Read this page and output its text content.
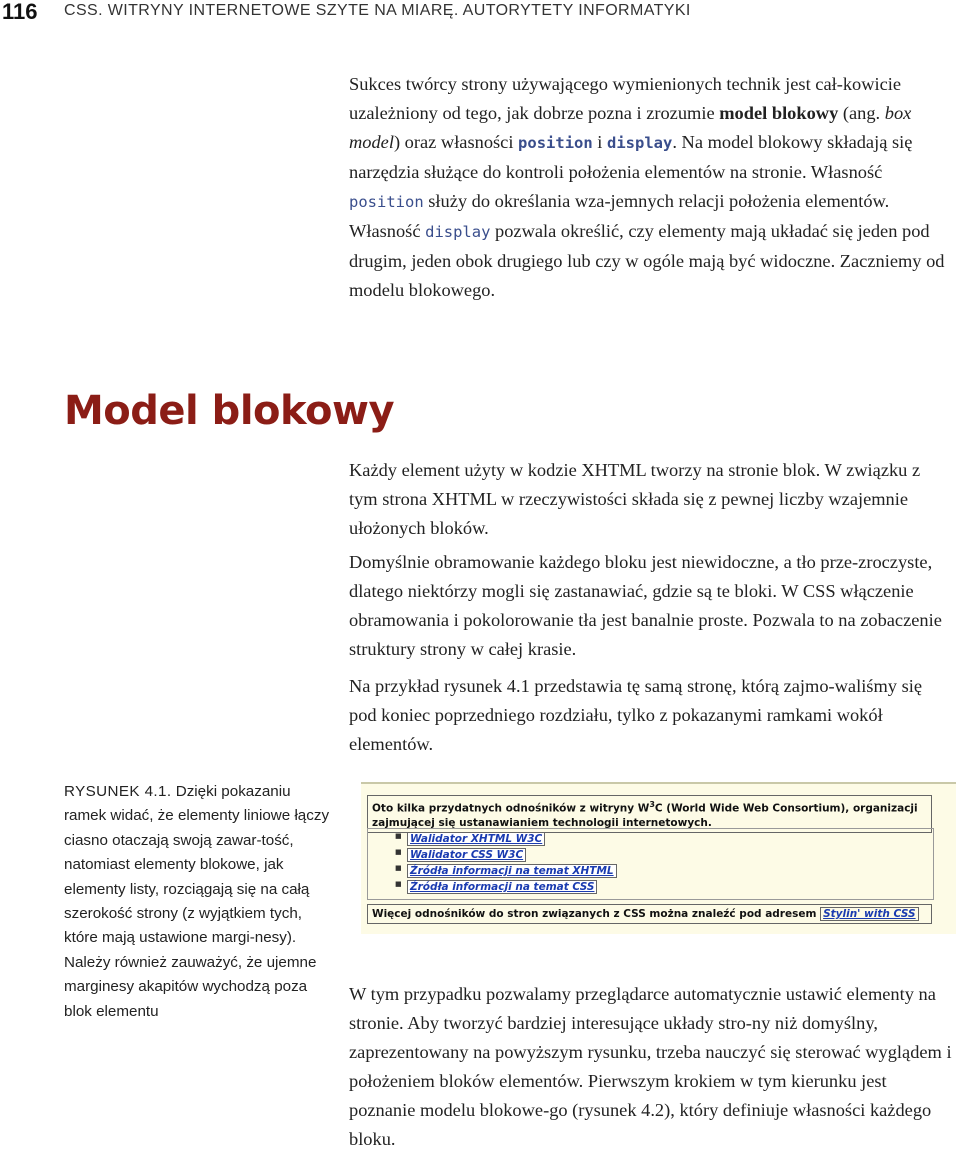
116 CSS. WITRYNY INTERNETOWE SZYTE NA MIARĘ. AUTORYTETY INFORMATYKI

Sukces twórcy strony używającego wymienionych technik jest cał-kowicie uzależniony od tego, jak dobrze pozna i zrozumie model blokowy (ang. box model) oraz własności position i display. Na model blokowy składają się narzędzia służące do kontroli położenia elementów na stronie. Własność position służy do określania wza-jemnych relacji położenia elementów. Własność display pozwala określić, czy elementy mają układać się jeden pod drugim, jeden obok drugiego lub czy w ogóle mają być widoczne. Zaczniemy od modelu blokowego.

Model blokowy

Każdy element użyty w kodzie XHTML tworzy na stronie blok. W związku z tym strona XHTML w rzeczywistości składa się z pewnej liczby wzajemnie ułożonych bloków.

Domyślnie obramowanie każdego bloku jest niewidoczne, a tło prze-zroczyste, dlatego niektórzy mogli się zastanawiać, gdzie są te bloki. W CSS włączenie obramowania i pokolorowanie tła jest banalnie proste. Pozwala to na zobaczenie struktury strony w całej krasie.

Na przykład rysunek 4.1 przedstawia tę samą stronę, którą zajmo-waliśmy się pod koniec poprzedniego rozdziału, tylko z pokazanymi ramkami wokół elementów.

RYSUNEK 4.1. Dzięki pokazaniu ramek widać, że elementy liniowe łączy ciasno otaczają swoją zawar-tość, natomiast elementy blokowe, jak elementy listy, rozciągają się na całą szerokość strony (z wyjątkiem tych, które mają ustawione margi-nesy). Należy również zauważyć, że ujemne marginesy akapitów wychodzą poza blok elementu

Oto kilka przydatnych odnośników z witryny $W^3C$ (World Wide Web Consortium), organizacji zajmującej się ustanawianiem technologii internetowych.
■ Walidator XHTML W3C
■ Walidator CSS W3C
■ Źródła informacji na temat XHTML
■ Źródła informacji na temat CSS
Więcej odnośników do stron związanych z CSS można znaleźć pod adresem Stylin' with CSS

W tym przypadku pozwalamy przeglądarce automatycznie ustawić elementy na stronie. Aby tworzyć bardziej interesujące układy stro-ny niż domyślny, zaprezentowany na powyższym rysunku, trzeba nauczyć się sterować wyglądem i położeniem bloków elementów. Pierwszym krokiem w tym kierunku jest poznanie modelu blokowe-go (rysunek 4.2), który definiuje własności każdego bloku.
